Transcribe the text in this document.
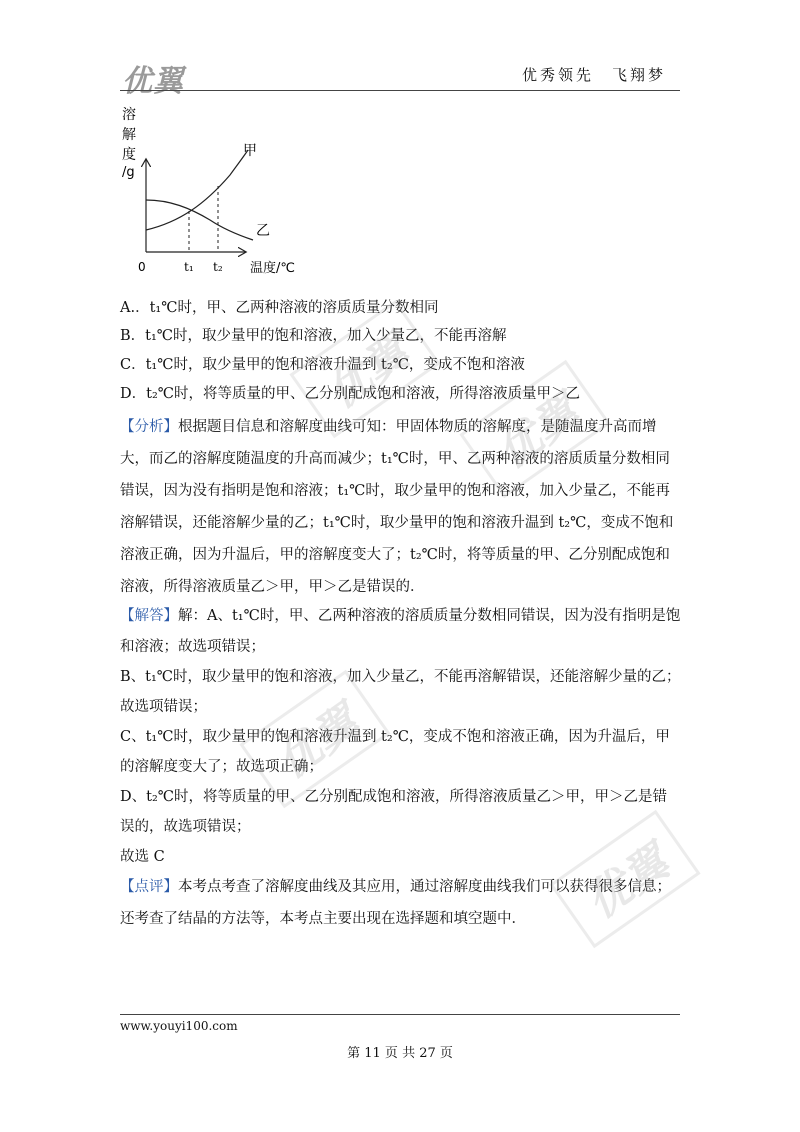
优翼	优秀领先　飞翔梦
溶
解
度
/g
甲
乙
0	t₁ t₂ 温度/℃
A.．t₁℃时，甲、乙两种溶液的溶质质量分数相同
B．t₁℃时，取少量甲的饱和溶液，加入少量乙，不能再溶解
C．t₁℃时，取少量甲的饱和溶液升温到 t₂℃，变成不饱和溶液
D．t₂℃时，将等质量的甲、乙分别配成饱和溶液，所得溶液质量甲＞乙
【分析】根据题目信息和溶解度曲线可知：甲固体物质的溶解度，是随温度升高而增
大，而乙的溶解度随温度的升高而减少；t₁℃时，甲、乙两种溶液的溶质质量分数相同
错误，因为没有指明是饱和溶液；t₁℃时，取少量甲的饱和溶液，加入少量乙，不能再
溶解错误，还能溶解少量的乙；t₁℃时，取少量甲的饱和溶液升温到 t₂℃，变成不饱和
溶液正确，因为升温后，甲的溶解度变大了；t₂℃时，将等质量的甲、乙分别配成饱和
溶液，所得溶液质量乙＞甲，甲＞乙是错误的．
【解答】解：A、t₁℃时，甲、乙两种溶液的溶质质量分数相同错误，因为没有指明是饱
和溶液；故选项错误；
B、t₁℃时，取少量甲的饱和溶液，加入少量乙，不能再溶解错误，还能溶解少量的乙；
故选项错误；
C、t₁℃时，取少量甲的饱和溶液升温到 t₂℃，变成不饱和溶液正确，因为升温后，甲
的溶解度变大了；故选项正确；
D、t₂℃时，将等质量的甲、乙分别配成饱和溶液，所得溶液质量乙＞甲，甲＞乙是错
误的，故选项错误；
故选 C
【点评】本考点考查了溶解度曲线及其应用，通过溶解度曲线我们可以获得很多信息；
还考查了结晶的方法等，本考点主要出现在选择题和填空题中．
优翼
优翼
优翼
优翼
www.youyi100.com
第 11 页 共 27 页
